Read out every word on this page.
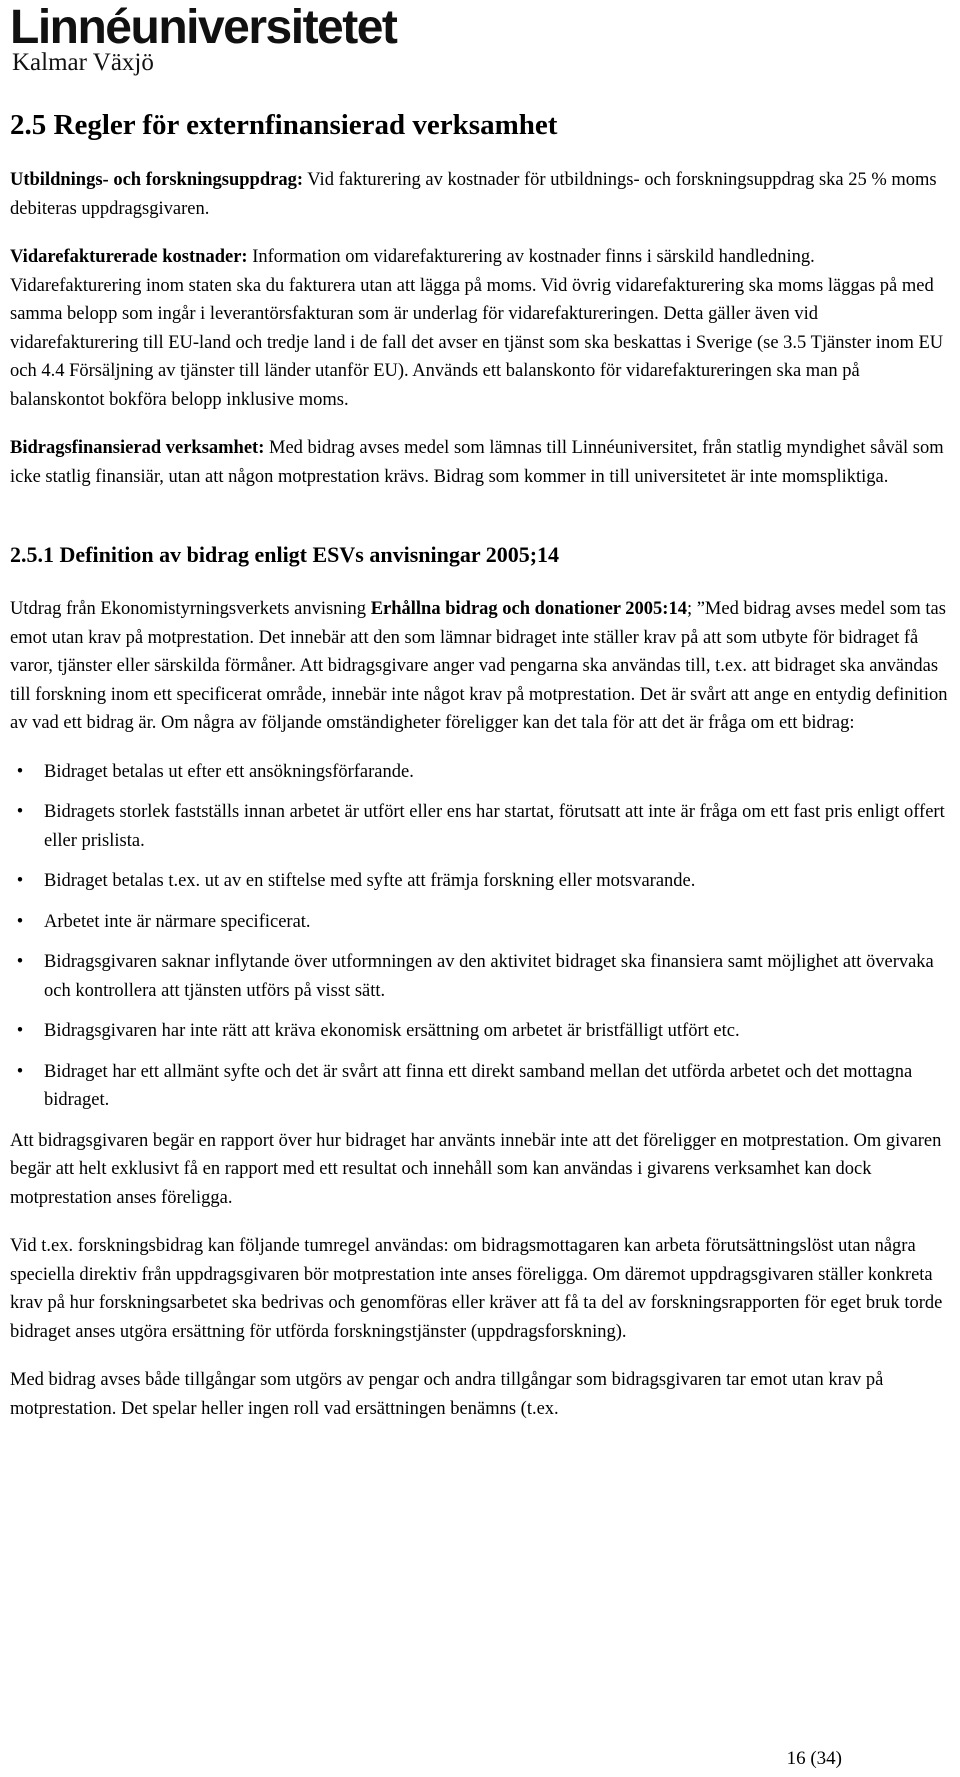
Linnéuniversitetet
Kalmar Växjö
2.5 Regler för externfinansierad verksamhet

Utbildnings- och forskningsuppdrag: Vid fakturering av kostnader för utbildnings- och forskningsuppdrag ska 25 % moms debiteras uppdragsgivaren.

Vidarefakturerade kostnader: Information om vidarefakturering av kostnader finns i särskild handledning. Vidarefakturering inom staten ska du fakturera utan att lägga på moms. Vid övrig vidarefakturering ska moms läggas på med samma belopp som ingår i leverantörsfakturan som är underlag för vidarefaktureringen. Detta gäller även vid vidarefakturering till EU-land och tredje land i de fall det avser en tjänst som ska beskattas i Sverige (se 3.5 Tjänster inom EU och 4.4 Försäljning av tjänster till länder utanför EU). Används ett balanskonto för vidarefaktureringen ska man på balanskontot bokföra belopp inklusive moms.

Bidragsfinansierad verksamhet: Med bidrag avses medel som lämnas till Linnéuniversitet, från statlig myndighet såväl som icke statlig finansiär, utan att någon motprestation krävs. Bidrag som kommer in till universitetet är inte momspliktiga.

2.5.1 Definition av bidrag enligt ESVs anvisningar 2005;14

Utdrag från Ekonomistyrningsverkets anvisning Erhållna bidrag och donationer 2005:14; ”Med bidrag avses medel som tas emot utan krav på motprestation. Det innebär att den som lämnar bidraget inte ställer krav på att som utbyte för bidraget få varor, tjänster eller särskilda förmåner. Att bidragsgivare anger vad pengarna ska användas till, t.ex. att bidraget ska användas till forskning inom ett specificerat område, innebär inte något krav på motprestation. Det är svårt att ange en entydig definition av vad ett bidrag är. Om några av följande omständigheter föreligger kan det tala för att det är fråga om ett bidrag:

•	Bidraget betalas ut efter ett ansökningsförfarande.
•	Bidragets storlek fastställs innan arbetet är utfört eller ens har startat, förutsatt att inte är fråga om ett fast pris enligt offert eller prislista.
•	Bidraget betalas t.ex. ut av en stiftelse med syfte att främja forskning eller motsvarande.
•	Arbetet inte är närmare specificerat.
•	Bidragsgivaren saknar inflytande över utformningen av den aktivitet bidraget ska finansiera samt möjlighet att övervaka och kontrollera att tjänsten utförs på visst sätt.
•	Bidragsgivaren har inte rätt att kräva ekonomisk ersättning om arbetet är bristfälligt utfört etc.
•	Bidraget har ett allmänt syfte och det är svårt att finna ett direkt samband mellan det utförda arbetet och det mottagna bidraget.

Att bidragsgivaren begär en rapport över hur bidraget har använts innebär inte att det föreligger en motprestation. Om givaren begär att helt exklusivt få en rapport med ett resultat och innehåll som kan användas i givarens verksamhet kan dock motprestation anses föreligga.

Vid t.ex. forskningsbidrag kan följande tumregel användas: om bidragsmottagaren kan arbeta förutsättningslöst utan några speciella direktiv från uppdragsgivaren bör motprestation inte anses föreligga. Om däremot uppdragsgivaren ställer konkreta krav på hur forskningsarbetet ska bedrivas och genomföras eller kräver att få ta del av forskningsrapporten för eget bruk torde bidraget anses utgöra ersättning för utförda forskningstjänster (uppdragsforskning).

Med bidrag avses både tillgångar som utgörs av pengar och andra tillgångar som bidragsgivaren tar emot utan krav på motprestation. Det spelar heller ingen roll vad ersättningen benämns (t.ex.

16 (34)
